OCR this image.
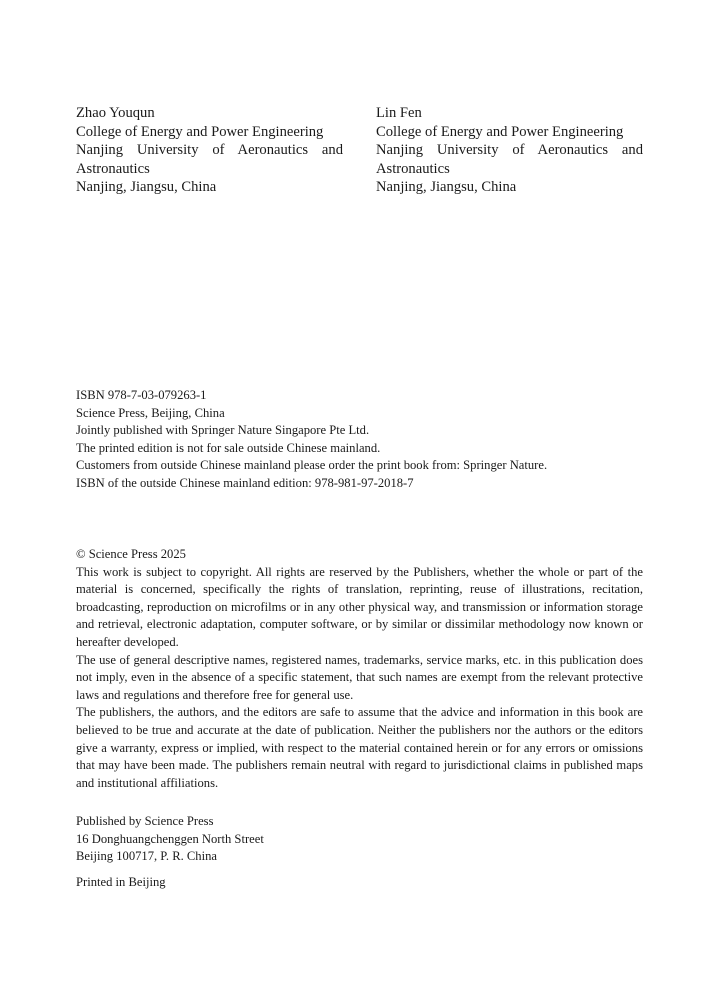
Zhao Youqun
College of Energy and Power Engineering
Nanjing University of Aeronautics and
Astronautics
Nanjing, Jiangsu, China
Lin Fen
College of Energy and Power Engineering
Nanjing University of Aeronautics and
Astronautics
Nanjing, Jiangsu, China
ISBN 978-7-03-079263-1
Science Press, Beijing, China
Jointly published with Springer Nature Singapore Pte Ltd.
The printed edition is not for sale outside Chinese mainland.
Customers from outside Chinese mainland please order the print book from: Springer Nature.
ISBN of the outside Chinese mainland edition: 978-981-97-2018-7
© Science Press 2025
This work is subject to copyright. All rights are reserved by the Publishers, whether the whole or part of the material is concerned, specifically the rights of translation, reprinting, reuse of illustrations, recitation, broadcasting, reproduction on microfilms or in any other physical way, and transmission or information storage and retrieval, electronic adaptation, computer software, or by similar or dissimilar methodology now known or hereafter developed.
The use of general descriptive names, registered names, trademarks, service marks, etc. in this publication does not imply, even in the absence of a specific statement, that such names are exempt from the relevant protective laws and regulations and therefore free for general use.
The publishers, the authors, and the editors are safe to assume that the advice and information in this book are believed to be true and accurate at the date of publication. Neither the publishers nor the authors or the editors give a warranty, express or implied, with respect to the material contained herein or for any errors or omissions that may have been made. The publishers remain neutral with regard to jurisdictional claims in published maps and institutional affiliations.
Published by Science Press
16 Donghuangchenggen North Street
Beijing 100717, P. R. China
Printed in Beijing
